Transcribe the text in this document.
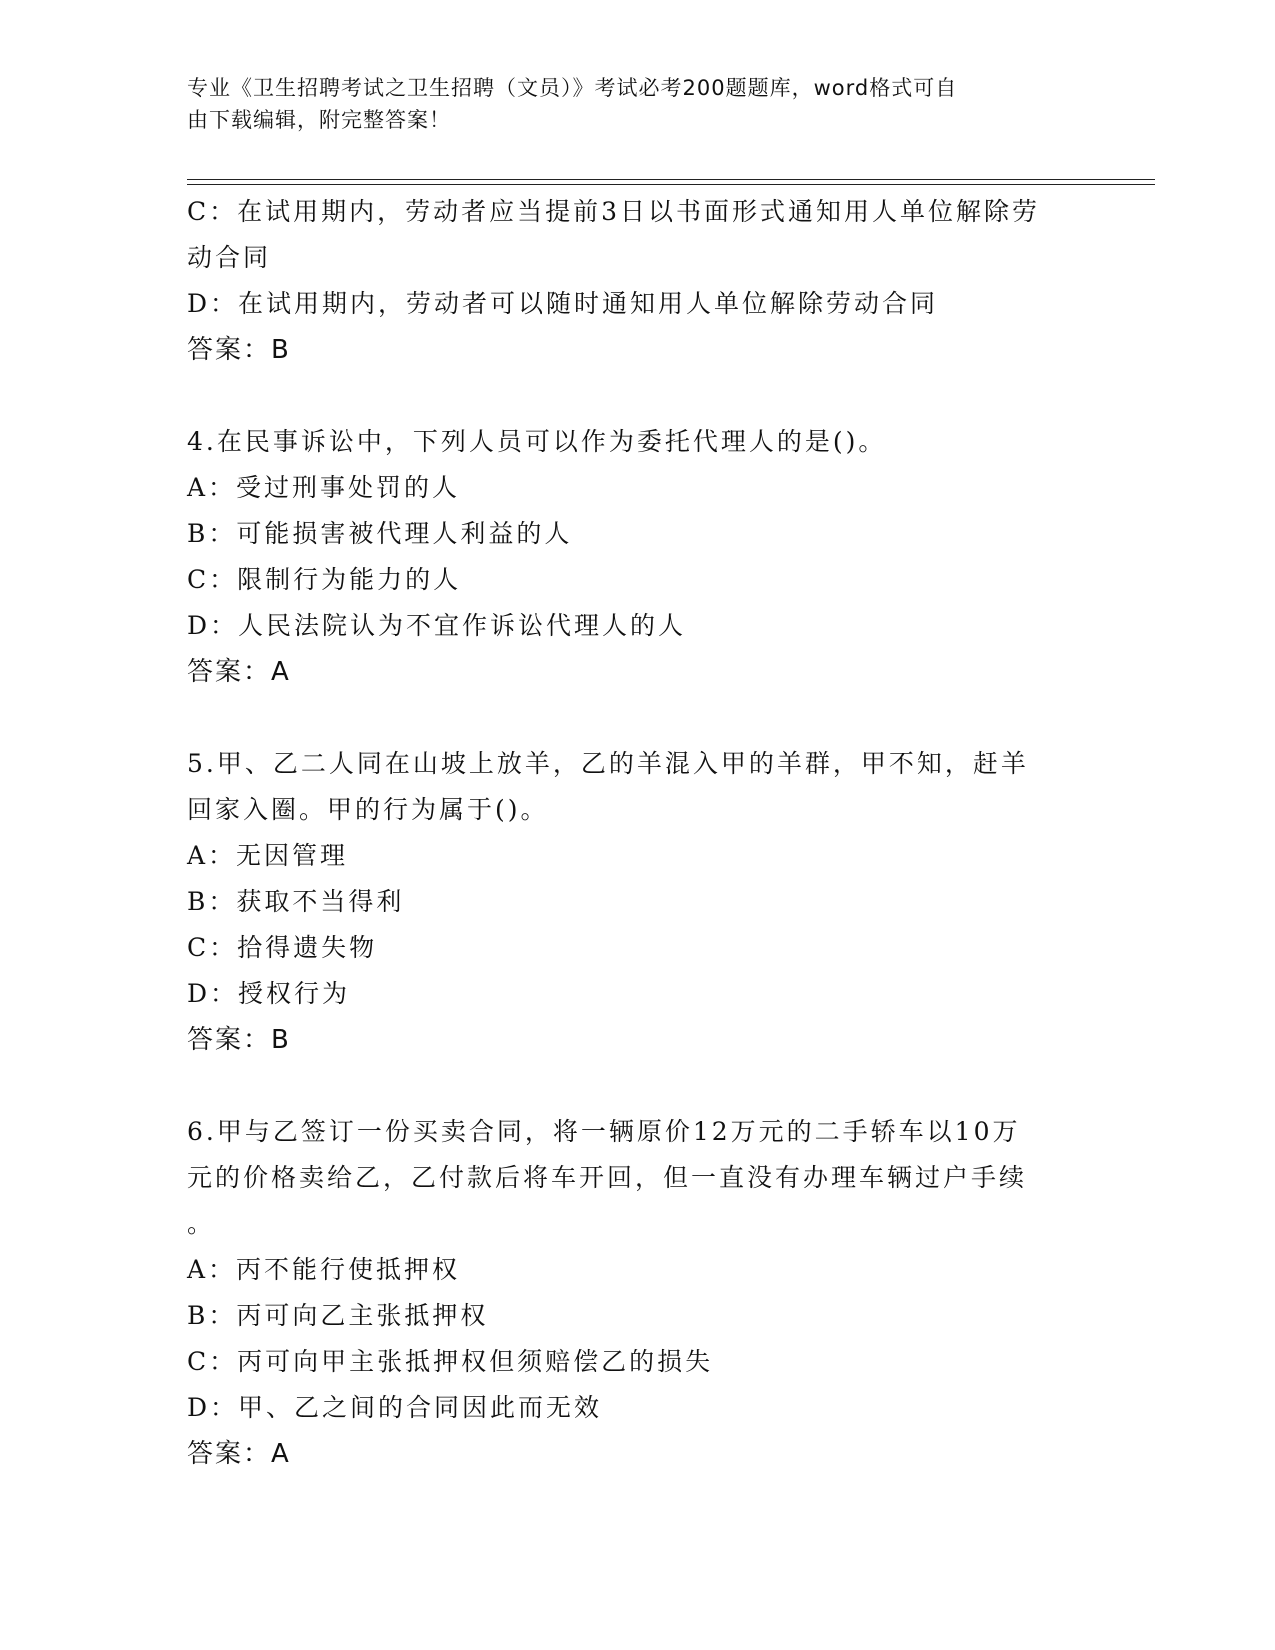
专业《卫生招聘考试之卫生招聘（文员）》考试必考200题题库，word格式可自
由下载编辑，附完整答案！
C：在试用期内，劳动者应当提前3日以书面形式通知用人单位解除劳
动合同
D：在试用期内，劳动者可以随时通知用人单位解除劳动合同
答案：B
4.在民事诉讼中，下列人员可以作为委托代理人的是()。
A：受过刑事处罚的人
B：可能损害被代理人利益的人
C：限制行为能力的人
D：人民法院认为不宜作诉讼代理人的人
答案：A
5.甲、乙二人同在山坡上放羊，乙的羊混入甲的羊群，甲不知，赶羊
回家入圈。甲的行为属于()。
A：无因管理
B：获取不当得利
C：拾得遗失物
D：授权行为
答案：B
6.甲与乙签订一份买卖合同，将一辆原价12万元的二手轿车以10万
元的价格卖给乙，乙付款后将车开回，但一直没有办理车辆过户手续
。
A：丙不能行使抵押权
B：丙可向乙主张抵押权
C：丙可向甲主张抵押权但须赔偿乙的损失
D：甲、乙之间的合同因此而无效
答案：A
